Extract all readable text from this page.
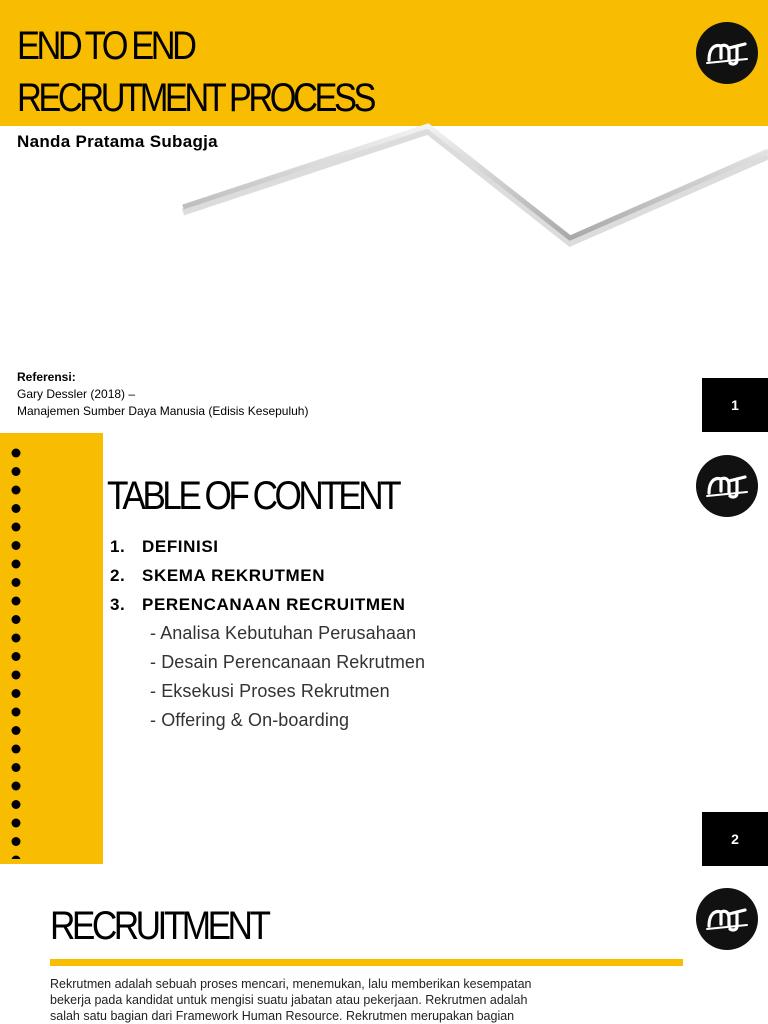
END TO END
RECRUTMENT PROCESS
Nanda Pratama Subagja
Referensi:
Gary Dessler (2018) –
Manajemen Sumber Daya Manusia (Edisis Kesepuluh)	1
TABLE OF CONTENT
1. DEFINISI
2. SKEMA REKRUTMEN
3. PERENCANAAN RECRUITMEN
- Analisa Kebutuhan Perusahaan
- Desain Perencanaan Rekrutmen
- Eksekusi Proses Rekrutmen
- Offering & On-boarding
2
RECRUITMENT
Rekrutmen adalah sebuah proses mencari, menemukan, lalu memberikan kesempatan
bekerja pada kandidat untuk mengisi suatu jabatan atau pekerjaan. Rekrutmen adalah
salah satu bagian dari Framework Human Resource. Rekrutmen merupakan bagian
